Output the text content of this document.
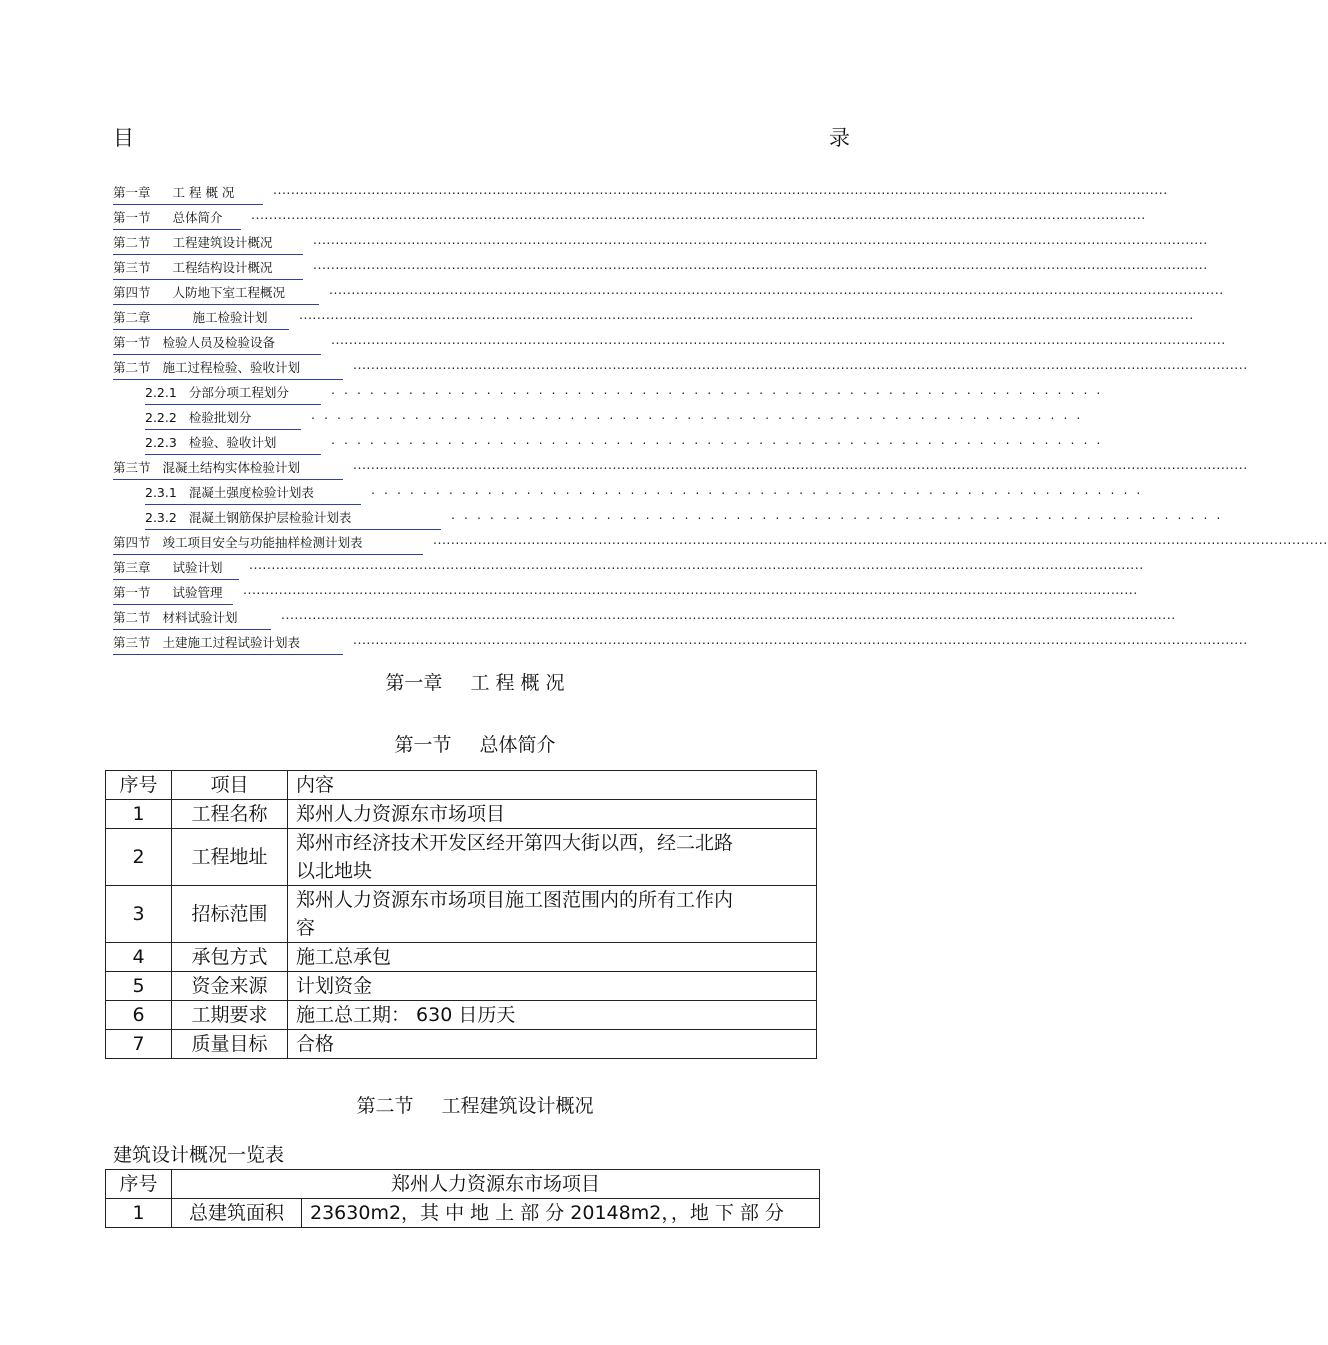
目	录
第一章 工 程 概 况	........................................................................................................................................................................................................
第一节 总体简介	........................................................................................................................................................................................................
第二节 工程建筑设计概况	........................................................................................................................................................................................................
第三节 工程结构设计概况	........................................................................................................................................................................................................
第四节 人防地下室工程概况	........................................................................................................................................................................................................
第二章	施工检验计划	........................................................................................................................................................................................................
第一节 检验人员及检验设备	........................................................................................................................................................................................................
第二节 施工过程检验、验收计划	........................................................................................................................................................................................................
2.2.1 分部分项工程划分	............................................................
2.2.2 检验批划分	............................................................
2.2.3 检验、验收计划	............................................................
第三节 混凝土结构实体检验计划	........................................................................................................................................................................................................
2.3.1 混凝土强度检验计划表	............................................................
2.3.2 混凝土钢筋保护层检验计划表	............................................................
第四节 竣工项目安全与功能抽样检测计划表	........................................................................................................................................................................................................
第三章 试验计划	........................................................................................................................................................................................................
第一节 试验管理	........................................................................................................................................................................................................
第二节 材料试验计划	........................................................................................................................................................................................................
第三节 土建施工过程试验计划表	........................................................................................................................................................................................................
第一章 工 程 概 况
第一节 总体简介
序号	项目	内容
1	工程名称	郑州人力资源东市场项目
2	工程地址	郑州市经济技术开发区经开第四大街以西，经二北路
以北地块
3	招标范围	郑州人力资源东市场项目施工图范围内的所有工作内
容
4	承包方式	施工总承包
5	资金来源	计划资金
6	工期要求	施工总工期： 630 日历天
7	质量目标	合格
第二节 工程建筑设计概况
建筑设计概况一览表
序号	郑州人力资源东市场项目	
1	总建筑面积	23630m2，其 中 地 上 部 分 20148m2，，地 下 部 分
